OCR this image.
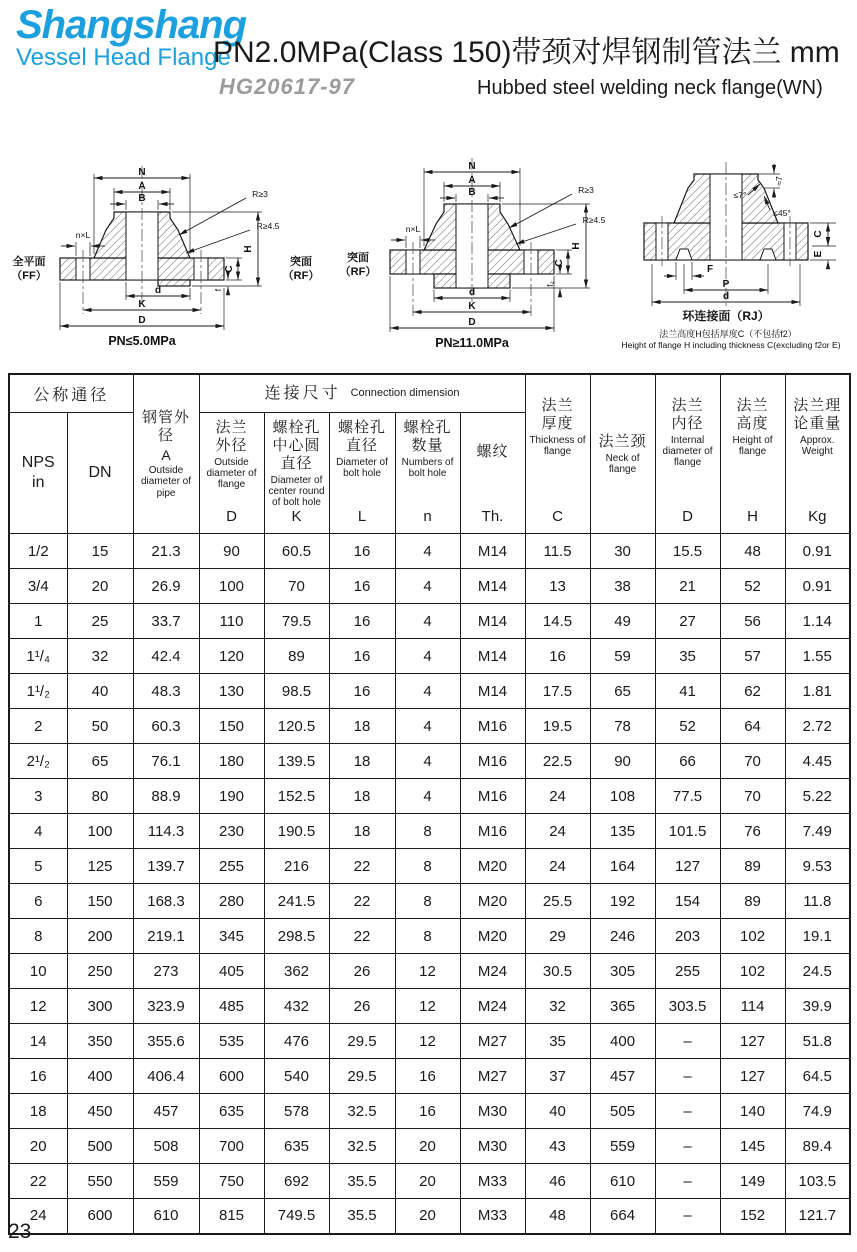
Shangshang
Vessel Head Flange
PN2.0MPa(Class 150)带颈对焊钢制管法兰 mm
HG20617-97	Hubbed steel welding neck flange(WN)
N
A
B	R≥3
R≥4.5
n×L
H
C
f
d
K
D
PN≤5.0MPa
全平面
（FF）
突面
（RF）
N
A
B	R≥3
R≥4.5
n×L
H
C
f₂
d
K
D
PN≥11.0MPa
突面
（RF）
≈7
≤7°
≤45°
C
E
F
P
d
环连接面（RJ）
法兰高度H包括厚度C（不包括f2）
Height of flange H including thickness C(excluding f2or E)
公称通径

钢管外径
A
Outside diameter of pipe

连接尺寸 Connection dimension

法兰厚度
Thickness of flange
C

法兰颈
Neck of flange

法兰内径
Internal diameter of flange
D

法兰高度
Height of flange
H

法兰理论重量
Approx. Weight
Kg

NPS
in

DN

法兰外径
Outside diameter of flange
D

螺栓孔中心圆直径
Diameter of center round of bolt hole
K

螺栓孔直径
Diameter of bolt hole
L

螺栓孔数量
Numbers of bolt hole
n

螺纹
Th.

1/2	15	21.3	90	60.5	16	4	M14	11.5	30	15.5	48	0.91
3/4	20	26.9	100	70	16	4	M14	13	38	21	52	0.91
1	25	33.7	110	79.5	16	4	M14	14.5	49	27	56	1.14
1¹/₄	32	42.4	120	89	16	4	M14	16	59	35	57	1.55
1¹/₂	40	48.3	130	98.5	16	4	M14	17.5	65	41	62	1.81
2	50	60.3	150	120.5	18	4	M16	19.5	78	52	64	2.72
2¹/₂	65	76.1	180	139.5	18	4	M16	22.5	90	66	70	4.45
3	80	88.9	190	152.5	18	4	M16	24	108	77.5	70	5.22
4	100	114.3	230	190.5	18	8	M16	24	135	101.5	76	7.49
5	125	139.7	255	216	22	8	M20	24	164	127	89	9.53
6	150	168.3	280	241.5	22	8	M20	25.5	192	154	89	11.8
8	200	219.1	345	298.5	22	8	M20	29	246	203	102	19.1
10	250	273	405	362	26	12	M24	30.5	305	255	102	24.5
12	300	323.9	485	432	26	12	M24	32	365	303.5	114	39.9
14	350	355.6	535	476	29.5	12	M27	35	400	–	127	51.8
16	400	406.4	600	540	29.5	16	M27	37	457	–	127	64.5
18	450	457	635	578	32.5	16	M30	40	505	–	140	74.9
20	500	508	700	635	32.5	20	M30	43	559	–	145	89.4
22	550	559	750	692	35.5	20	M33	46	610	–	149	103.5
24	600	610	815	749.5	35.5	20	M33	48	664	–	152	121.7
23
